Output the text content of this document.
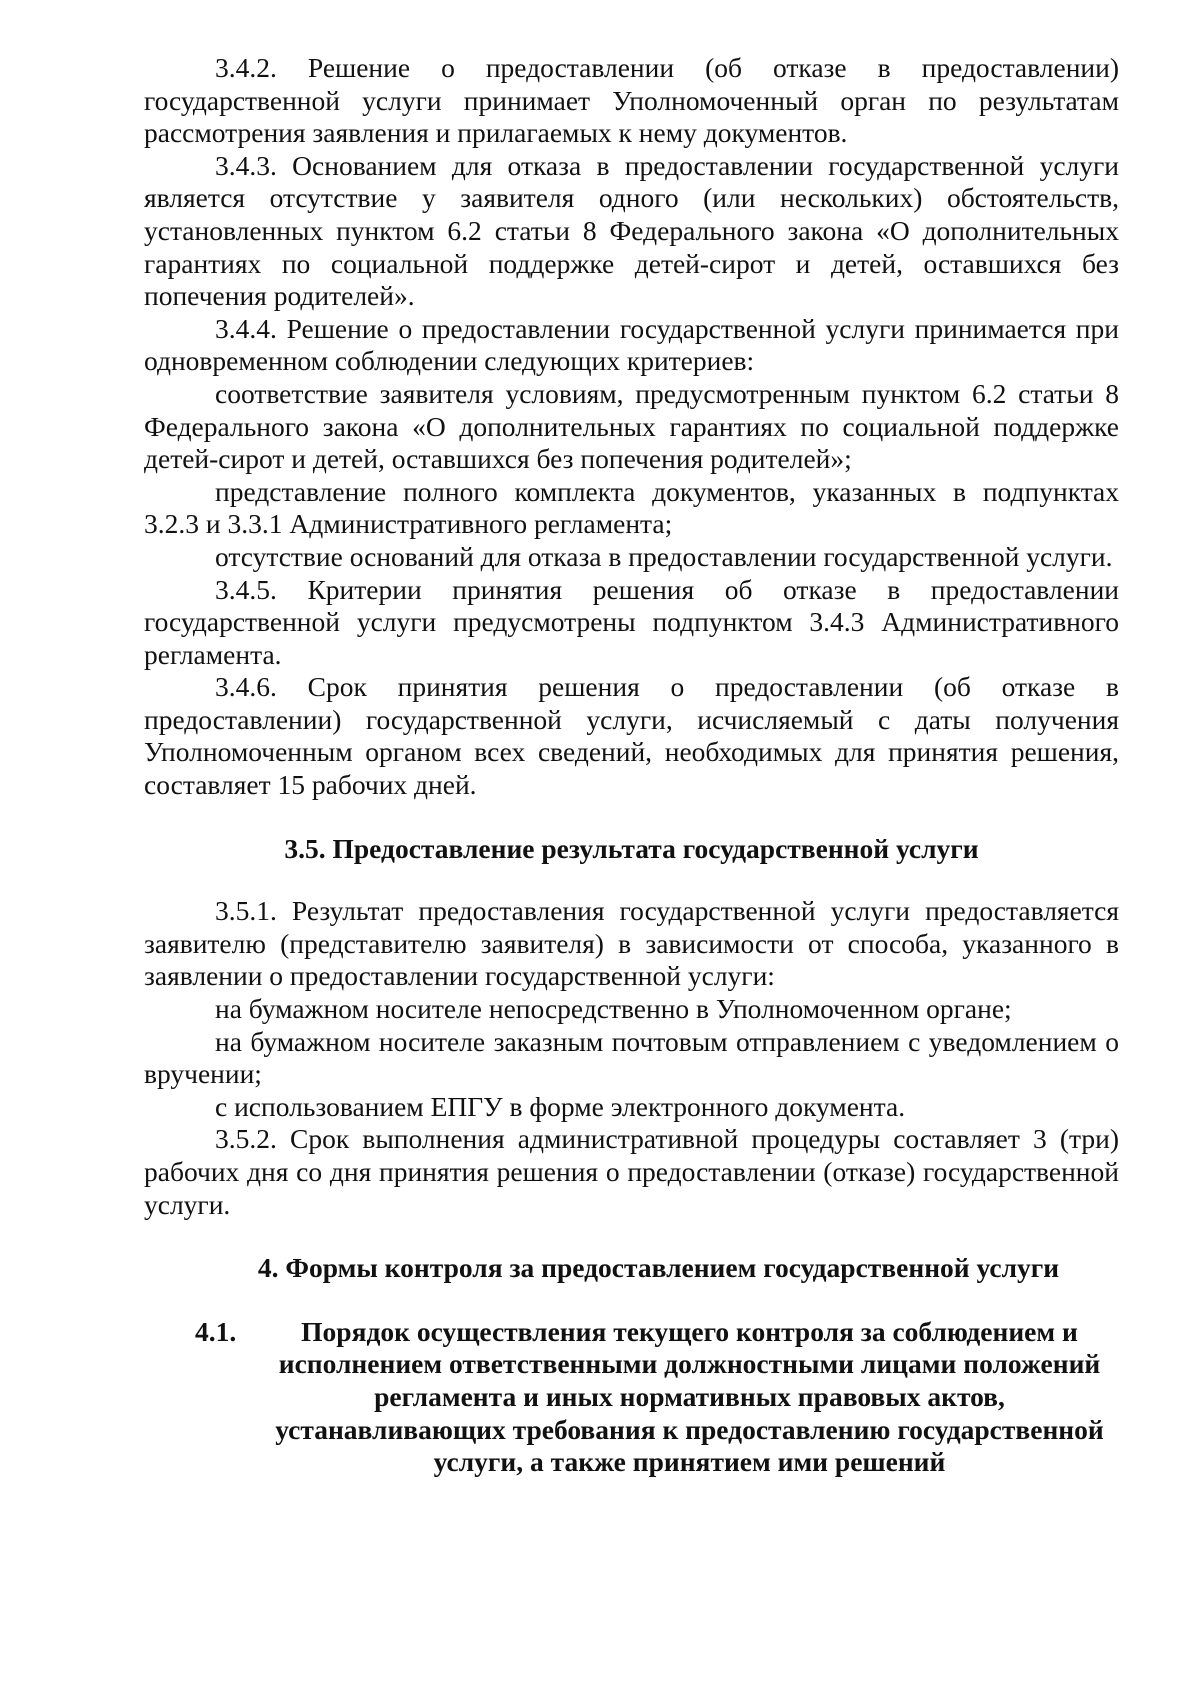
3.4.2. Решение о предоставлении (об отказе в предоставлении) государственной услуги принимает Уполномоченный орган по результатам рассмотрения заявления и прилагаемых к нему документов.

3.4.3. Основанием для отказа в предоставлении государственной услуги является отсутствие у заявителя одного (или нескольких) обстоятельств, установленных пунктом 6.2 статьи 8 Федерального закона «О дополнительных гарантиях по социальной поддержке детей-сирот и детей, оставшихся без попечения родителей».

3.4.4. Решение о предоставлении государственной услуги принимается при одновременном соблюдении следующих критериев:

соответствие заявителя условиям, предусмотренным пунктом 6.2 статьи 8 Федерального закона «О дополнительных гарантиях по социальной поддержке детей-сирот и детей, оставшихся без попечения родителей»;

представление полного комплекта документов, указанных в подпунктах 3.2.3 и 3.3.1 Административного регламента;

отсутствие оснований для отказа в предоставлении государственной услуги.

3.4.5. Критерии принятия решения об отказе в предоставлении государственной услуги предусмотрены подпунктом 3.4.3 Административного регламента.

3.4.6. Срок принятия решения о предоставлении (об отказе в предоставлении) государственной услуги, исчисляемый с даты получения Уполномоченным органом всех сведений, необходимых для принятия решения, составляет 15 рабочих дней.

3.5. Предоставление результата государственной услуги

3.5.1. Результат предоставления государственной услуги предоставляется заявителю (представителю заявителя) в зависимости от способа, указанного в заявлении о предоставлении государственной услуги:

на бумажном носителе непосредственно в Уполномоченном органе;

на бумажном носителе заказным почтовым отправлением с уведомлением о вручении;

с использованием ЕПГУ в форме электронного документа.

3.5.2. Срок выполнения административной процедуры составляет 3 (три) рабочих дня со дня принятия решения о предоставлении (отказе) государственной услуги.

4. Формы контроля за предоставлением государственной услуги

4.1.	Порядок осуществления текущего контроля за соблюдением и исполнением ответственными должностными лицами положений регламента и иных нормативных правовых актов, устанавливающих требования к предоставлению государственной услуги, а также принятием ими решений
